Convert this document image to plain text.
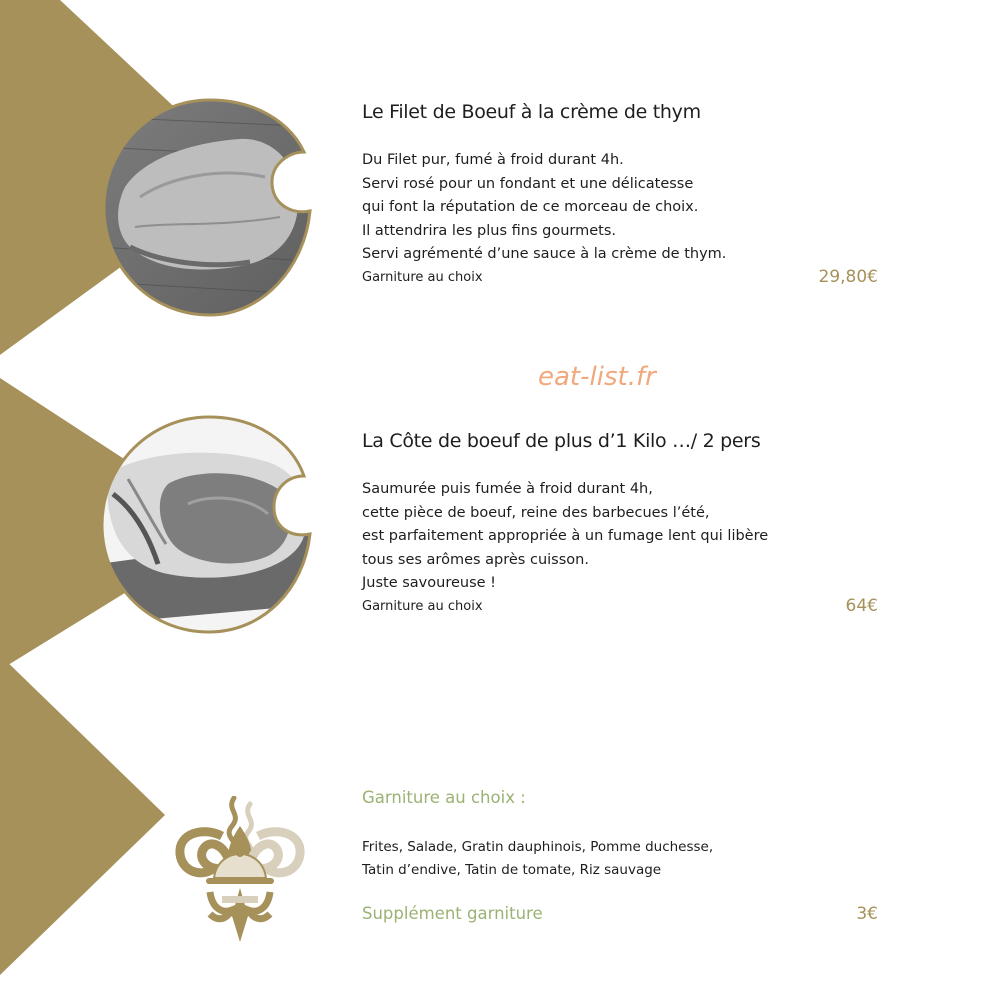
Le Filet de Boeuf à la crème de thym
Du Filet pur, fumé à froid durant 4h.
Servi rosé pour un fondant et une délicatesse
qui font la réputation de ce morceau de choix.
Il attendrira les plus fins gourmets.
Servi agrémenté d’une sauce à la crème de thym.
Garniture au choix	29,80€
eat-list.fr
La Côte de boeuf de plus d’1 Kilo …/ 2 pers
Saumurée puis fumée à froid durant 4h,
cette pièce de boeuf, reine des barbecues l’été,
est parfaitement appropriée à un fumage lent qui libère
tous ses arômes après cuisson.
Juste savoureuse !
Garniture au choix	64€
Garniture au choix :
Frites, Salade, Gratin dauphinois, Pomme duchesse,
Tatin d’endive, Tatin de tomate, Riz sauvage
Supplément garniture	3€
